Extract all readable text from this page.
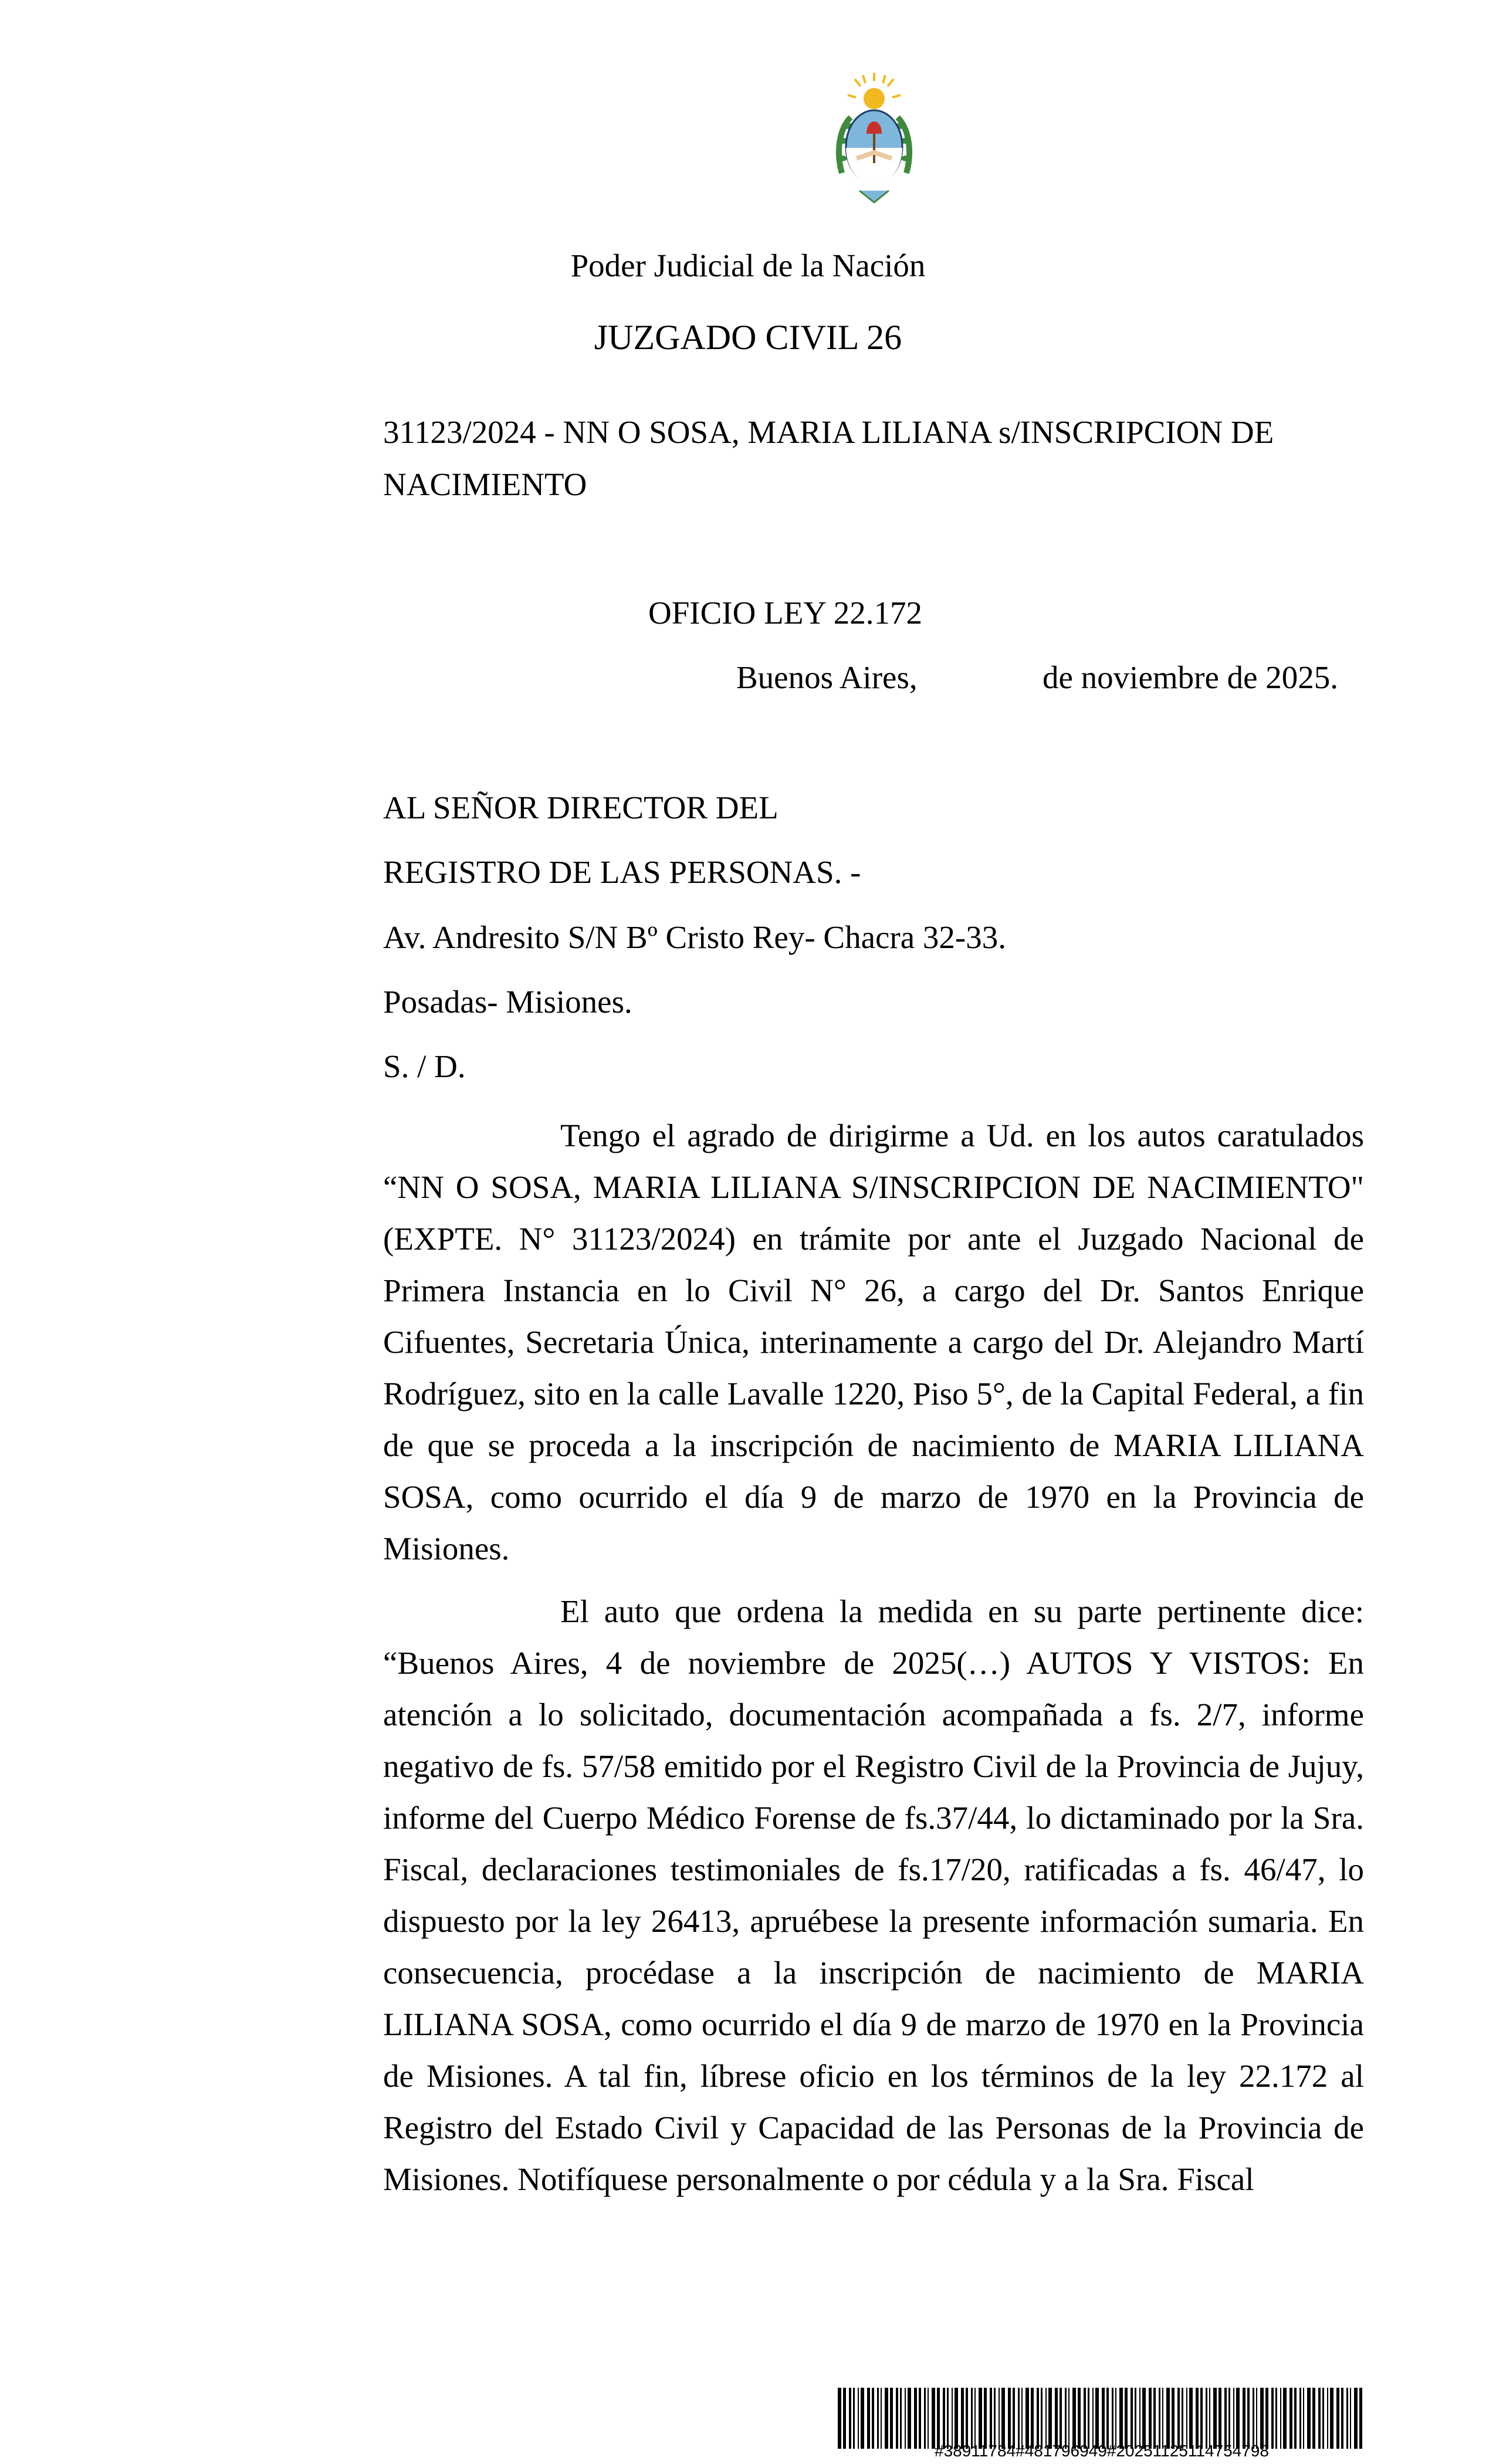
Poder Judicial de la Nación

JUZGADO CIVIL 26

31123/2024 - NN O SOSA, MARIA LILIANA s/INSCRIPCION DE

NACIMIENTO

OFICIO LEY 22.172

Buenos Aires,	de noviembre de 2025.

AL SEÑOR DIRECTOR DEL

REGISTRO DE LAS PERSONAS. -

Av. Andresito S/N Bº Cristo Rey- Chacra 32-33.

Posadas- Misiones.

S. / D.

Tengo el agrado de dirigirme a Ud. en los autos caratulados “NN O SOSA, MARIA LILIANA S/INSCRIPCION DE NACIMIENTO" (EXPTE. N° 31123/2024) en trámite por ante el Juzgado Nacional de Primera Instancia en lo Civil N° 26, a cargo del Dr. Santos Enrique Cifuentes, Secretaria Única, interinamente a cargo del Dr. Alejandro Martí Rodríguez, sito en la calle Lavalle 1220, Piso 5°, de la Capital Federal, a fin de que se proceda a la inscripción de nacimiento de MARIA LILIANA SOSA, como ocurrido el día 9 de marzo de 1970 en la Provincia de Misiones.

El auto que ordena la medida en su parte pertinente dice: “Buenos Aires, 4 de noviembre de 2025(…) AUTOS Y VISTOS: En atención a lo solicitado, documentación acompañada a fs. 2/7, informe negativo de fs. 57/58 emitido por el Registro Civil de la Provincia de Jujuy, informe del Cuerpo Médico Forense de fs.37/44, lo dictaminado por la Sra. Fiscal, declaraciones testimoniales de fs.17/20, ratificadas a fs. 46/47, lo dispuesto por la ley 26413, apruébese la presente información sumaria. En consecuencia, procédase a la inscripción de nacimiento de MARIA LILIANA SOSA, como ocurrido el día 9 de marzo de 1970 en la Provincia de Misiones. A tal fin, líbrese oficio en los términos de la ley 22.172 al Registro del Estado Civil y Capacidad de las Personas de la Provincia de Misiones. Notifíquese personalmente o por cédula y a la Sra. Fiscal

#38911784#481796949#20251125114754798
